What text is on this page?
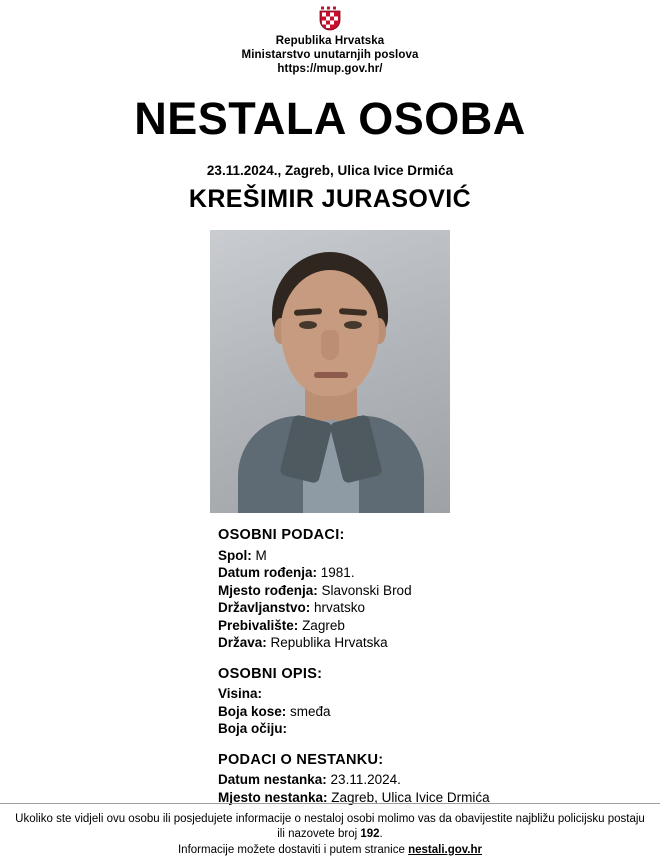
Republika Hrvatska
Ministarstvo unutarnjih poslova
https://mup.gov.hr/
NESTALA OSOBA
23.11.2024., Zagreb, Ulica Ivice Drmića
KREŠIMIR JURASOVIĆ
OSOBNI PODACI:
Spol: M
Datum rođenja: 1981.
Mjesto rođenja: Slavonski Brod
Državljanstvo: hrvatsko
Prebivalište: Zagreb
Država: Republika Hrvatska
OSOBNI OPIS:
Visina:
Boja kose: smeđa
Boja očiju:
PODACI O NESTANKU:
Datum nestanka: 23.11.2024.
Mjesto nestanka: Zagreb, Ulica Ivice Drmića
Ukoliko ste vidjeli ovu osobu ili posjedujete informacije o nestaloj osobi molimo vas da obavijestite najbližu policijsku postaju ili nazovete broj 192.
Informacije možete dostaviti i putem stranice nestali.gov.hr
